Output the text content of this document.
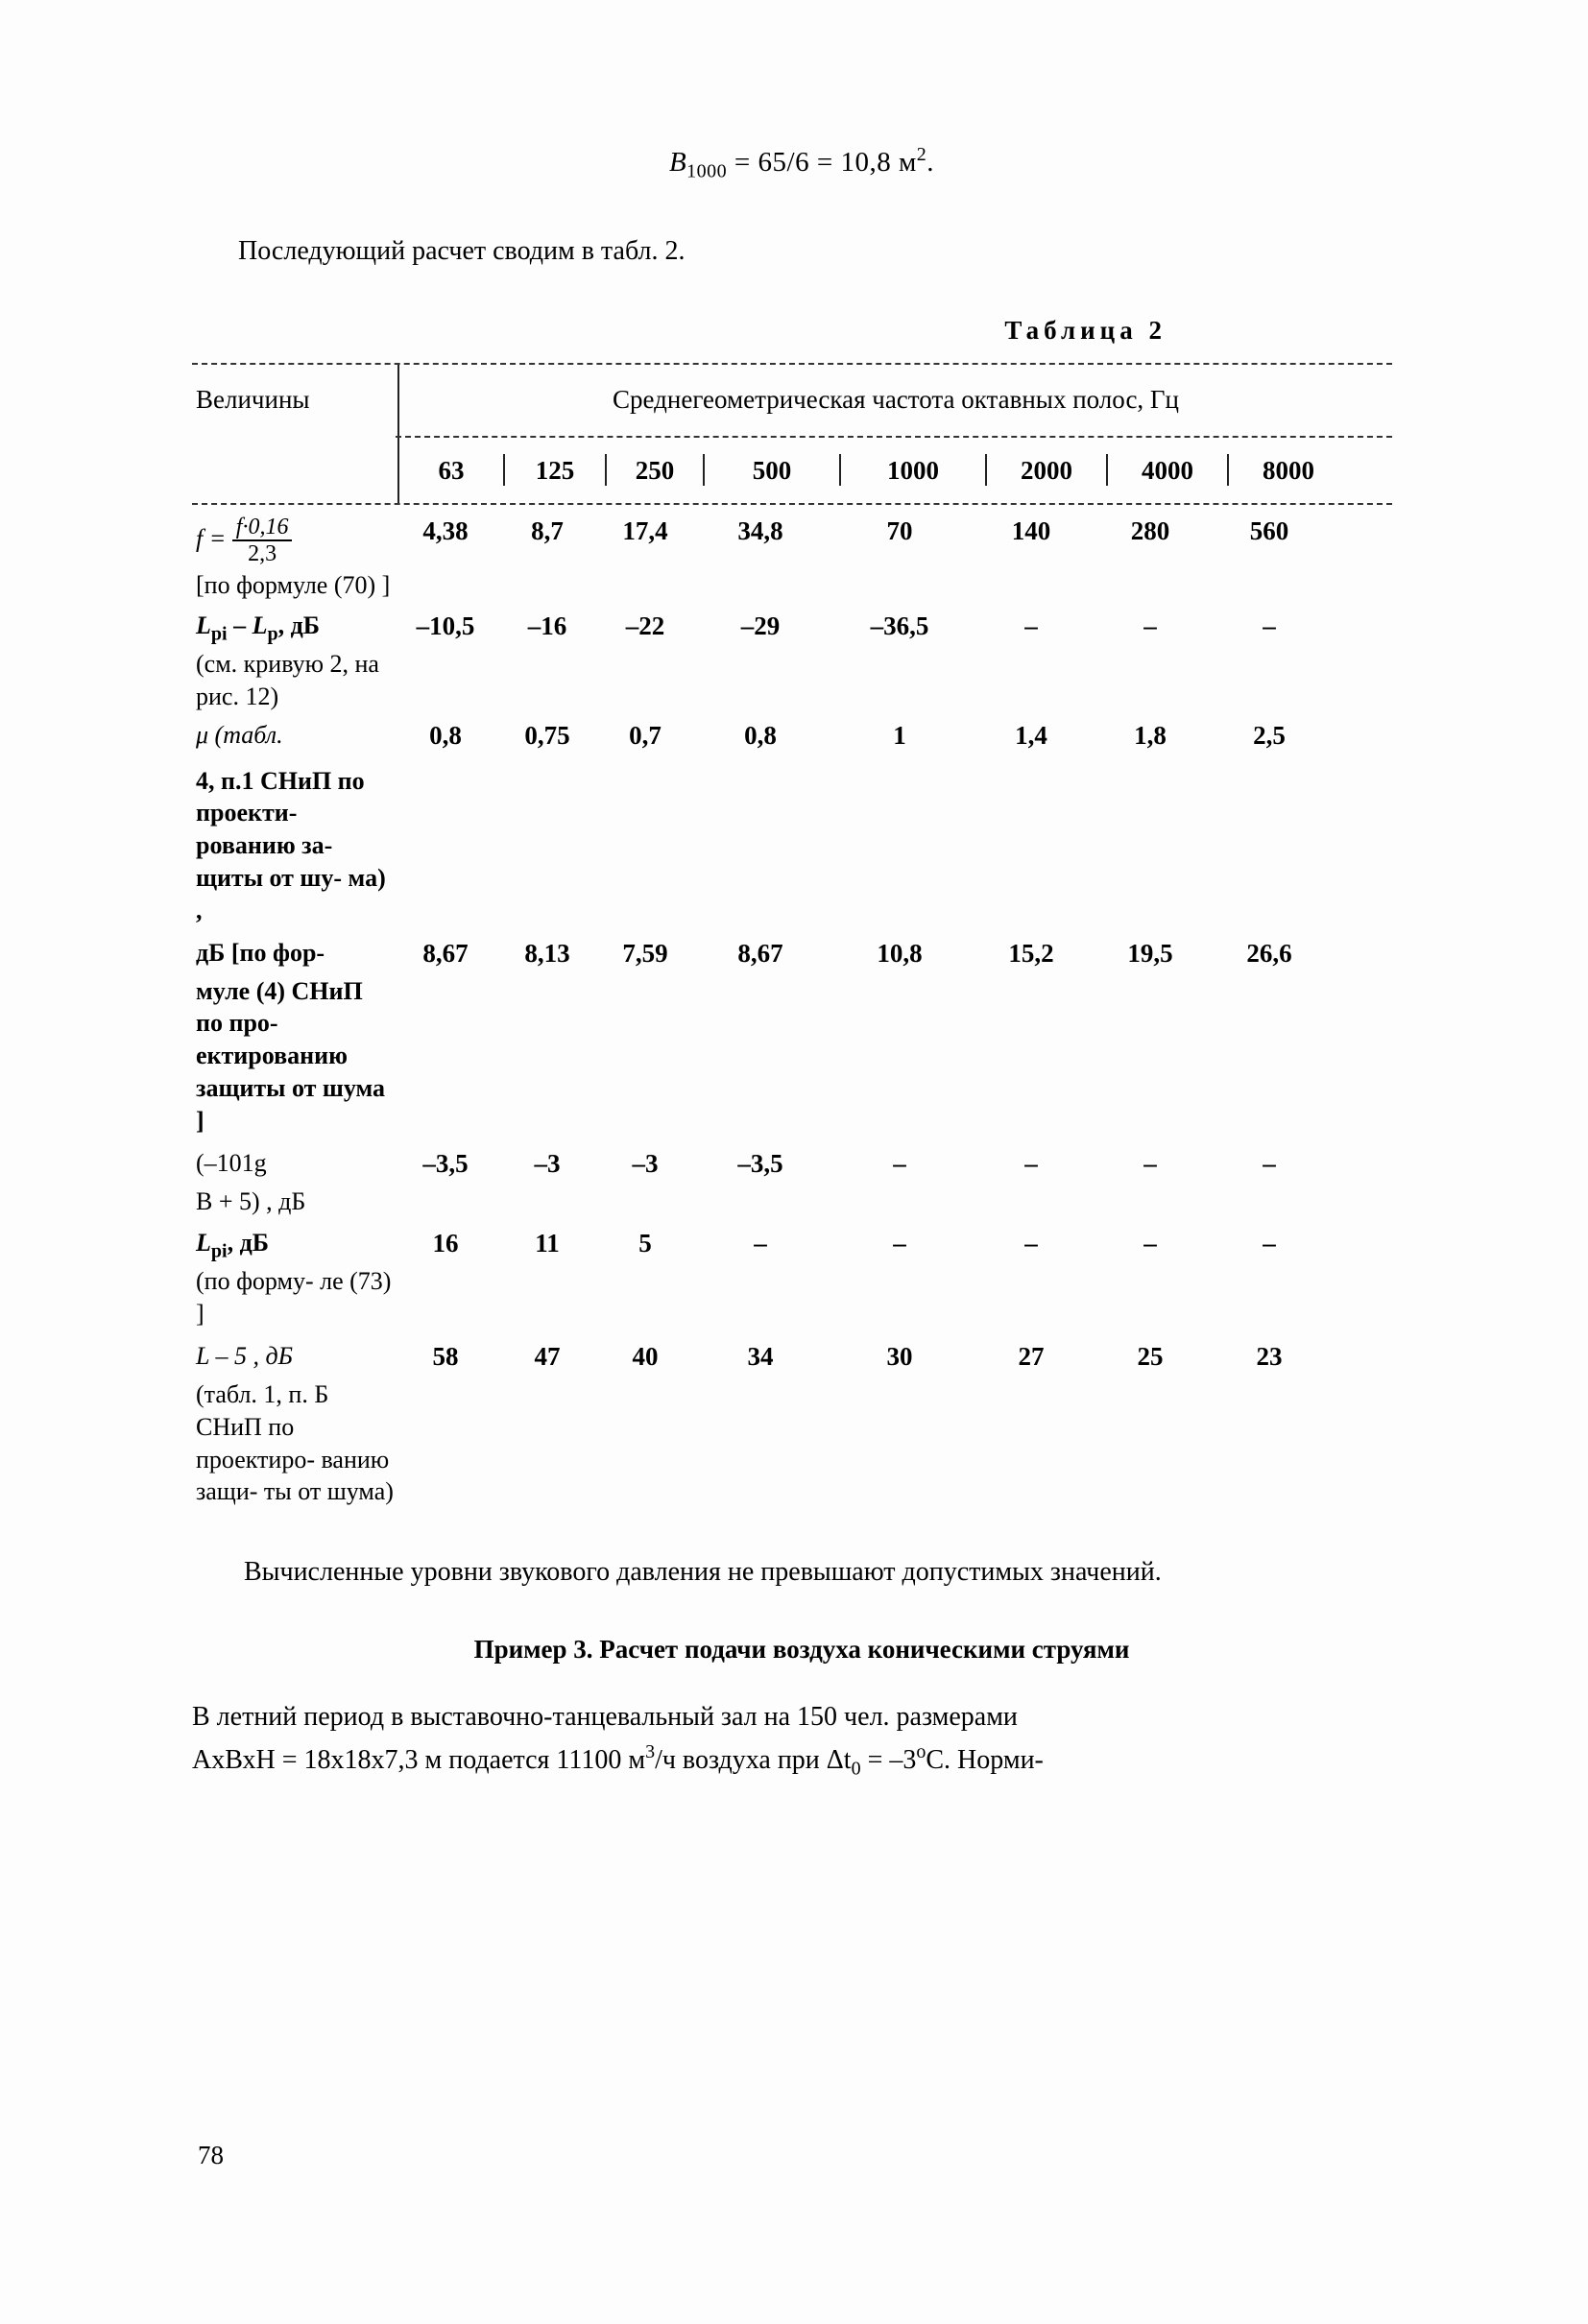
$B_{1000} = 65/6 = 10,8$ $м^2$.
Последующий расчет сводим в табл. 2.
Таблица 2
Величины	Среднегеометрическая частота октавных полос, Гц
63	125	250	500	1000	2000	4000	8000
$f = \frac{f\cdot 0,16}{2,3}$	4,38	8,7	17,4	34,8	70	140	280	560
[по формуле (70) ]
$L_{pi} - L_p$, дБ	–10,5	–16	–22	–29	–36,5	–	–	–
(см. кривую 2, на рис. 12)
μ (табл.	0,8	0,75	0,7	0,8	1	1,4	1,8	2,5
4, п.1 СНиП по проекти- рованию за- щиты от шу- ма) ,
дБ [по фор-	8,67	8,13	7,59	8,67	10,8	15,2	19,5	26,6
муле (4) СНиП по про- ектированию защиты от шума ]
(–101g	–3,5	–3	–3	–3,5	–	–	–	–
В + 5) , дБ
$L_{pi}$, дБ	16	11	5	–	–	–	–	–
(по форму- ле (73) ]
L – 5 , дБ	58	47	40	34	30	27	25	23
(табл. 1, п. Б СНиП по проектиро- ванию защи- ты от шума)
Вычисленные уровни звукового давления не превышают допустимых значений.
Пример 3. Расчет подачи воздуха коническими струями
В летний период в выставочно-танцевальный зал на 150 чел. размерами
АхВхН = 18х18х7,3 м подается 11100 $м^3/ч$ воздуха при $\Delta t_0 = -3^оС$. Норми-
78
